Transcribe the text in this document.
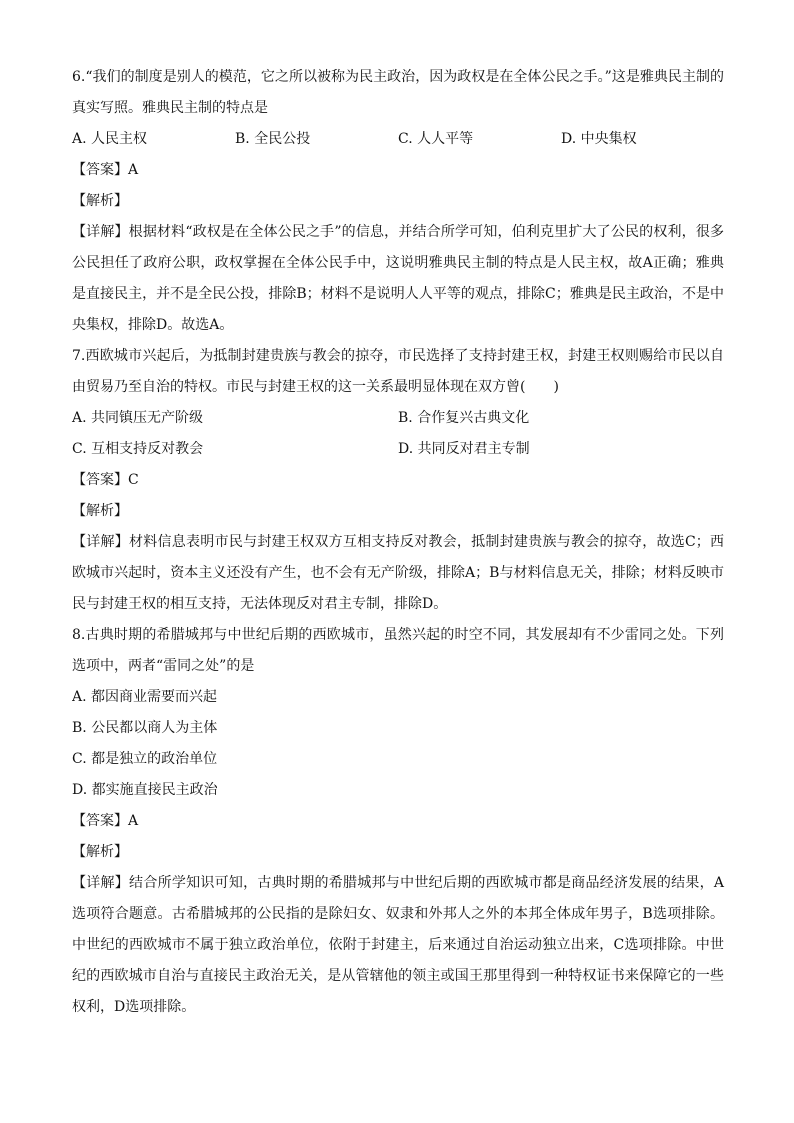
6.“我们的制度是别人的模范，它之所以被称为民主政治，因为政权是在全体公民之手。”这是雅典民主制的真实写照。雅典民主制的特点是

A. 人民主权	B. 全民公投	C. 人人平等	D. 中央集权
【答案】A
【解析】

【详解】根据材料“政权是在全体公民之手”的信息，并结合所学可知，伯利克里扩大了公民的权利，很多公民担任了政府公职，政权掌握在全体公民手中，这说明雅典民主制的特点是人民主权，故A正确；雅典是直接民主，并不是全民公投，排除B；材料不是说明人人平等的观点，排除C；雅典是民主政治，不是中央集权，排除D。故选A。

7.西欧城市兴起后，为抵制封建贵族与教会的掠夺，市民选择了支持封建王权，封建王权则赐给市民以自由贸易乃至自治的特权。市民与封建王权的这一关系最明显体现在双方曾(　　)

A. 共同镇压无产阶级	B. 合作复兴古典文化
C. 互相支持反对教会	D. 共同反对君主专制
【答案】C
【解析】

【详解】材料信息表明市民与封建王权双方互相支持反对教会，抵制封建贵族与教会的掠夺，故选C；西欧城市兴起时，资本主义还没有产生，也不会有无产阶级，排除A；B与材料信息无关，排除；材料反映市民与封建王权的相互支持，无法体现反对君主专制，排除D。

8.古典时期的希腊城邦与中世纪后期的西欧城市，虽然兴起的时空不同，其发展却有不少雷同之处。下列选项中，两者“雷同之处”的是

A. 都因商业需要而兴起
B. 公民都以商人为主体
C. 都是独立的政治单位
D. 都实施直接民主政治
【答案】A
【解析】

【详解】结合所学知识可知，古典时期的希腊城邦与中世纪后期的西欧城市都是商品经济发展的结果，A选项符合题意。古希腊城邦的公民指的是除妇女、奴隶和外邦人之外的本邦全体成年男子，B选项排除。中世纪的西欧城市不属于独立政治单位，依附于封建主，后来通过自治运动独立出来，C选项排除。中世纪的西欧城市自治与直接民主政治无关，是从管辖他的领主或国王那里得到一种特权证书来保障它的一些权利，D选项排除。
